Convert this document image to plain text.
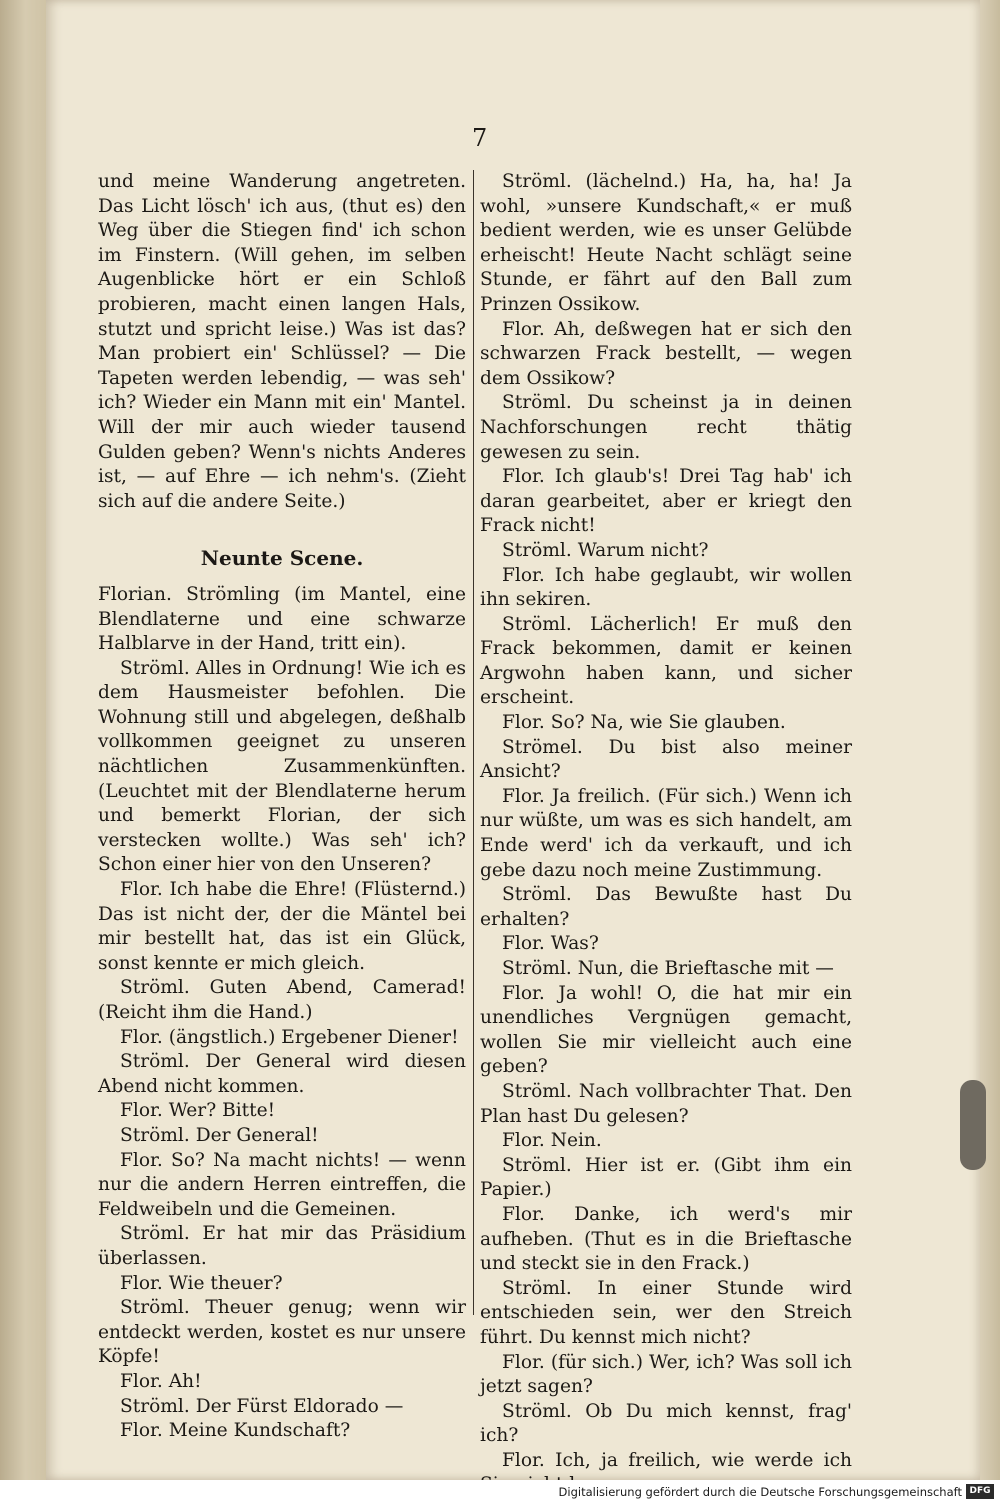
7

und meine Wanderung angetreten. Das Licht lösch' ich aus, (thut es) den Weg über die Stiegen find' ich schon im Finstern. (Will gehen, im selben Augenblicke hört er ein Schloß probieren, macht einen langen Hals, stutzt und spricht leise.) Was ist das? Man probiert ein' Schlüssel? — Die Tapeten werden lebendig, — was seh' ich? Wieder ein Mann mit ein' Mantel. Will der mir auch wieder tausend Gulden geben? Wenn's nichts Anderes ist, — auf Ehre — ich nehm's. (Zieht sich auf die andere Seite.)

Neunte Scene.

Florian. Strömling (im Mantel, eine Blendlaterne und eine schwarze Halblarve in der Hand, tritt ein).

Ströml. Alles in Ordnung! Wie ich es dem Hausmeister befohlen. Die Wohnung still und abgelegen, deßhalb vollkommen geeignet zu unseren nächtlichen Zusammenkünften. (Leuchtet mit der Blendlaterne herum und bemerkt Florian, der sich verstecken wollte.) Was seh' ich? Schon einer hier von den Unseren?

Flor. Ich habe die Ehre! (Flüsternd.) Das ist nicht der, der die Mäntel bei mir bestellt hat, das ist ein Glück, sonst kennte er mich gleich.

Ströml. Guten Abend, Camerad! (Reicht ihm die Hand.)

Flor. (ängstlich.) Ergebener Diener!

Ströml. Der General wird diesen Abend nicht kommen.

Flor. Wer? Bitte!

Ströml. Der General!

Flor. So? Na macht nichts! — wenn nur die andern Herren eintreffen, die Feldweibeln und die Gemeinen.

Ströml. Er hat mir das Präsidium überlassen.

Flor. Wie theuer?

Ströml. Theuer genug; wenn wir entdeckt werden, kostet es nur unsere Köpfe!

Flor. Ah!

Ströml. Der Fürst Eldorado —

Flor. Meine Kundschaft?

Ströml. (lächelnd.) Ha, ha, ha! Ja wohl, »unsere Kundschaft,« er muß bedient werden, wie es unser Gelübde erheischt! Heute Nacht schlägt seine Stunde, er fährt auf den Ball zum Prinzen Ossikow.

Flor. Ah, deßwegen hat er sich den schwarzen Frack bestellt, — wegen dem Ossikow?

Ströml. Du scheinst ja in deinen Nachforschungen recht thätig gewesen zu sein.

Flor. Ich glaub's! Drei Tag hab' ich daran gearbeitet, aber er kriegt den Frack nicht!

Ströml. Warum nicht?

Flor. Ich habe geglaubt, wir wollen ihn sekiren.

Ströml. Lächerlich! Er muß den Frack bekommen, damit er keinen Argwohn haben kann, und sicher erscheint.

Flor. So? Na, wie Sie glauben.

Strömel. Du bist also meiner Ansicht?

Flor. Ja freilich. (Für sich.) Wenn ich nur wüßte, um was es sich handelt, am Ende werd' ich da verkauft, und ich gebe dazu noch meine Zustimmung.

Ströml. Das Bewußte hast Du erhalten?

Flor. Was?

Ströml. Nun, die Brieftasche mit —

Flor. Ja wohl! O, die hat mir ein unendliches Vergnügen gemacht, wollen Sie mir vielleicht auch eine geben?

Ströml. Nach vollbrachter That. Den Plan hast Du gelesen?

Flor. Nein.

Ströml. Hier ist er. (Gibt ihm ein Papier.)

Flor. Danke, ich werd's mir aufheben. (Thut es in die Brieftasche und steckt sie in den Frack.)

Ströml. In einer Stunde wird entschieden sein, wer den Streich führt. Du kennst mich nicht?

Flor. (für sich.) Wer, ich? Was soll ich jetzt sagen?

Ströml. Ob Du mich kennst, frag' ich?

Flor. Ich, ja freilich, wie werde ich

Digitalisierung gefördert durch die Deutsche Forschungsgemeinschaft DFG
